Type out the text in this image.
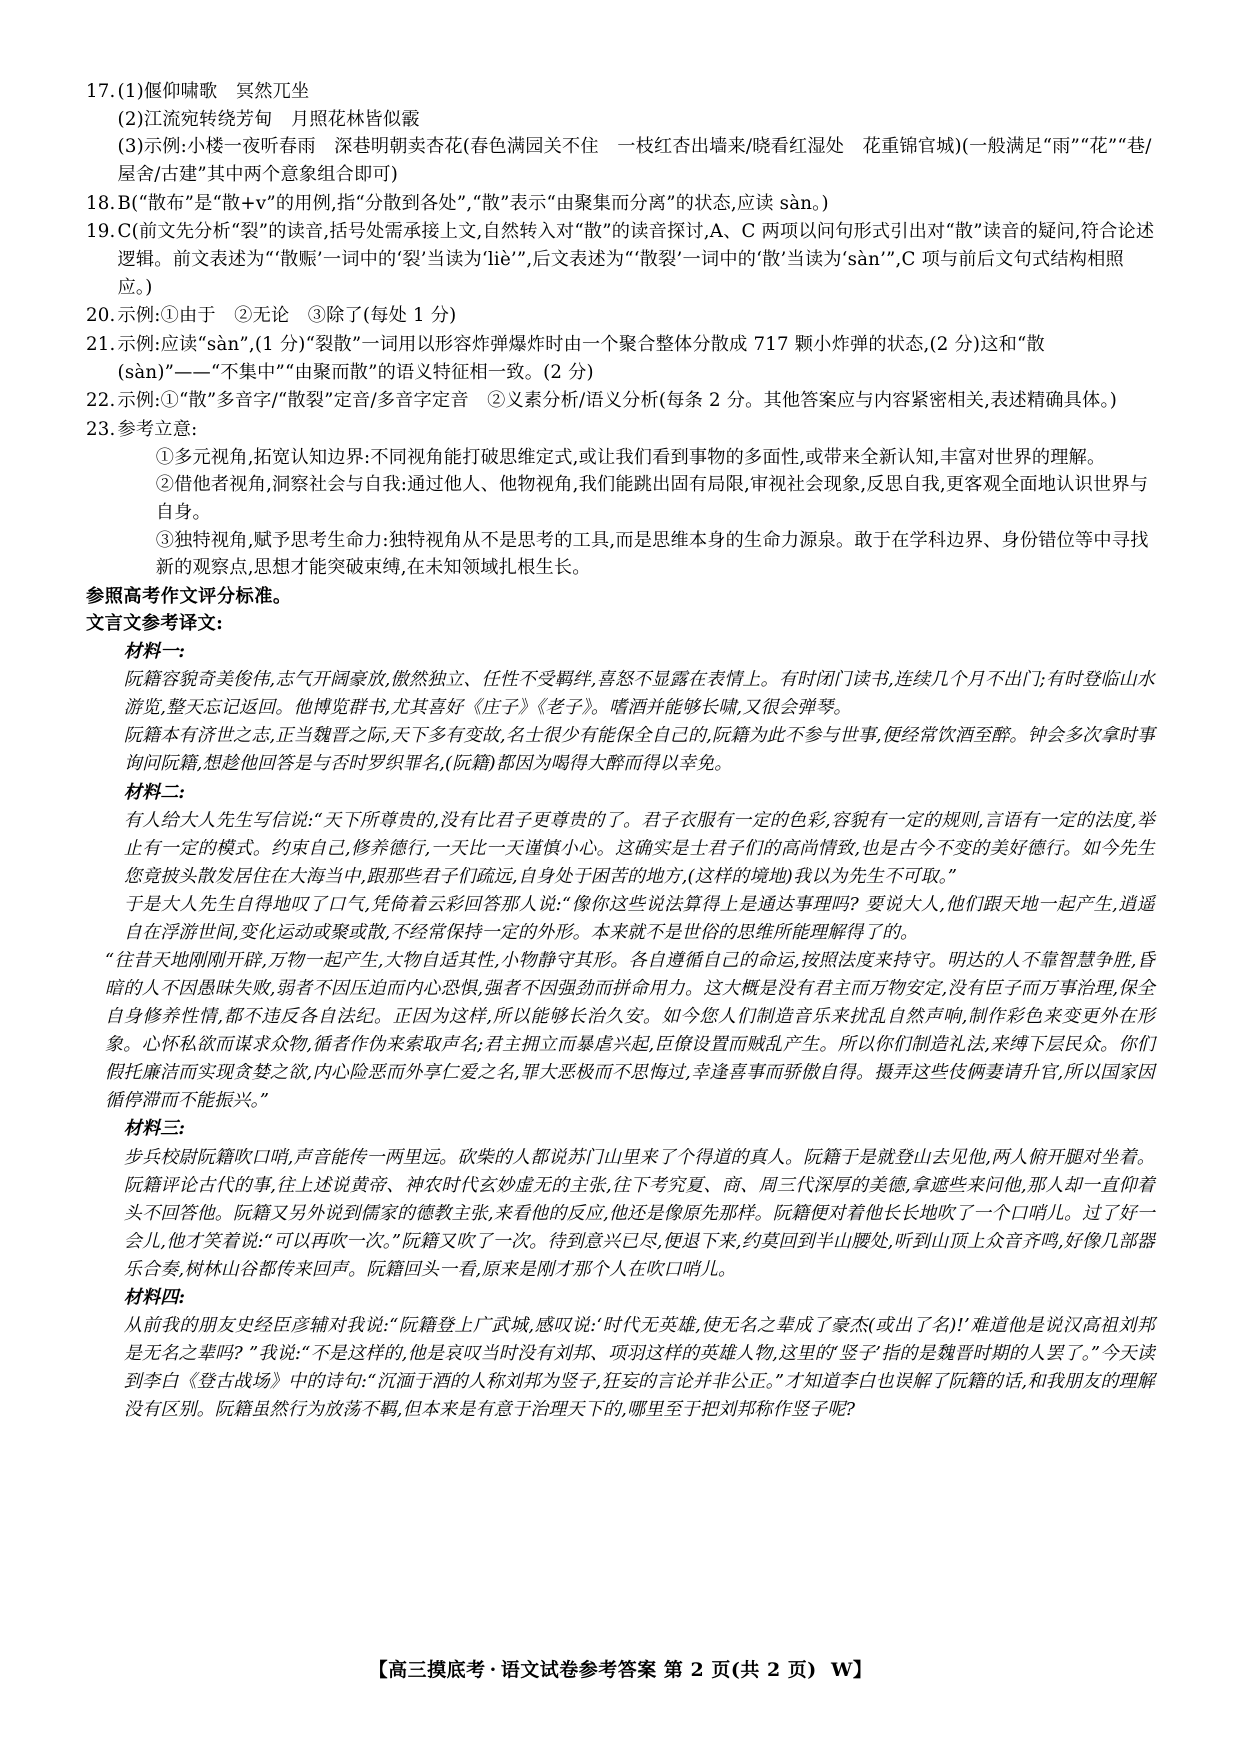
17. (1)偃仰啸歌　冥然兀坐
(2)江流宛转绕芳甸　月照花林皆似霰
(3)示例:小楼一夜听春雨　深巷明朝卖杏花(春色满园关不住　一枝红杏出墙来/晓看红湿处　花重锦官城)(一般满足“雨”“花”“巷/屋舍/古建”其中两个意象组合即可)
18. B(“散布”是“散+v”的用例,指“分散到各处”,“散”表示“由聚集而分离”的状态,应读 sàn。)
19. C(前文先分析“裂”的读音,括号处需承接上文,自然转入对“散”的读音探讨,A、C 两项以问句形式引出对“散”读音的疑问,符合论述逻辑。前文表述为“‘散赈’一词中的‘裂’当读为‘liè’”,后文表述为“‘散裂’一词中的‘散’当读为‘sàn’”,C 项与前后文句式结构相照应。)
20. 示例:①由于　②无论　③除了(每处 1 分)
21. 示例:应读“sàn”,(1 分)“裂散”一词用以形容炸弹爆炸时由一个聚合整体分散成 717 颗小炸弹的状态,(2 分)这和“散(sàn)”——“不集中”“由聚而散”的语义特征相一致。(2 分)
22. 示例:①“散”多音字/“散裂”定音/多音字定音　②义素分析/语义分析(每条 2 分。其他答案应与内容紧密相关,表述精确具体。)
23. 参考立意:
①多元视角,拓宽认知边界:不同视角能打破思维定式,或让我们看到事物的多面性,或带来全新认知,丰富对世界的理解。
②借他者视角,洞察社会与自我:通过他人、他物视角,我们能跳出固有局限,审视社会现象,反思自我,更客观全面地认识世界与自身。
③独特视角,赋予思考生命力:独特视角从不是思考的工具,而是思维本身的生命力源泉。敢于在学科边界、身份错位等中寻找新的观察点,思想才能突破束缚,在未知领域扎根生长。
参照高考作文评分标准。
文言文参考译文:

材料一:

阮籍容貌奇美俊伟,志气开阔豪放,傲然独立、任性不受羁绊,喜怒不显露在表情上。有时闭门读书,连续几个月不出门;有时登临山水游览,整天忘记返回。他博览群书,尤其喜好《庄子》《老子》。嗜酒并能够长啸,又很会弹琴。

阮籍本有济世之志,正当魏晋之际,天下多有变故,名士很少有能保全自己的,阮籍为此不参与世事,便经常饮酒至醉。钟会多次拿时事询问阮籍,想趁他回答是与否时罗织罪名,(阮籍)都因为喝得大醉而得以幸免。

材料二:

有人给大人先生写信说:“天下所尊贵的,没有比君子更尊贵的了。君子衣服有一定的色彩,容貌有一定的规则,言语有一定的法度,举止有一定的模式。约束自己,修养德行,一天比一天谨慎小心。这确实是士君子们的高尚情致,也是古今不变的美好德行。如今先生您竟披头散发居住在大海当中,跟那些君子们疏远,自身处于困苦的地方,(这样的境地)我以为先生不可取。”

于是大人先生自得地叹了口气,凭倚着云彩回答那人说:“像你这些说法算得上是通达事理吗? 要说大人,他们跟天地一起产生,逍遥自在浮游世间,变化运动或聚或散,不经常保持一定的外形。本来就不是世俗的思维所能理解得了的。

“往昔天地刚刚开辟,万物一起产生,大物自适其性,小物静守其形。各自遵循自己的命运,按照法度来持守。明达的人不靠智慧争胜,昏暗的人不因愚昧失败,弱者不因压迫而内心恐惧,强者不因强劲而拼命用力。这大概是没有君主而万物安定,没有臣子而万事治理,保全自身修养性情,都不违反各自法纪。正因为这样,所以能够长治久安。如今您人们制造音乐来扰乱自然声响,制作彩色来变更外在形象。心怀私欲而谋求众物,循者作伪来索取声名;君主拥立而暴虐兴起,臣僚设置而贼乱产生。所以你们制造礼法,来缚下层民众。你们假托廉洁而实现贪婪之欲,内心险恶而外享仁爱之名,罪大恶极而不思悔过,幸逢喜事而骄傲自得。摄弄这些伎俩妻请升官,所以国家因循停滞而不能振兴。”

材料三:

步兵校尉阮籍吹口哨,声音能传一两里远。砍柴的人都说苏门山里来了个得道的真人。阮籍于是就登山去见他,两人俯开腿对坐着。阮籍评论古代的事,往上述说黄帝、神农时代玄妙虚无的主张,往下考究夏、商、周三代深厚的美德,拿遮些来问他,那人却一直仰着头不回答他。阮籍又另外说到儒家的德教主张,来看他的反应,他还是像原先那样。阮籍便对着他长长地吹了一个口哨儿。过了好一会儿,他才笑着说:“可以再吹一次。”阮籍又吹了一次。待到意兴已尽,便退下来,约莫回到半山腰处,听到山顶上众音齐鸣,好像几部器乐合奏,树林山谷都传来回声。阮籍回头一看,原来是刚才那个人在吹口哨儿。

材料四:

从前我的朋友史经臣彦辅对我说:“阮籍登上广武城,感叹说:‘时代无英雄,使无名之辈成了豪杰(或出了名)!’难道他是说汉高祖刘邦是无名之辈吗? ”我说:“不是这样的,他是哀叹当时没有刘邦、项羽这样的英雄人物,这里的‘竖子’指的是魏晋时期的人罢了。”今天读到李白《登古战场》中的诗句:“沉湎于酒的人称刘邦为竖子,狂妄的言论并非公正。”才知道李白也误解了阮籍的话,和我朋友的理解没有区别。阮籍虽然行为放荡不羁,但本来是有意于治理天下的,哪里至于把刘邦称作竖子呢?

【高三摸底考 · 语文试卷参考答案 第 2 页(共 2 页) W】
